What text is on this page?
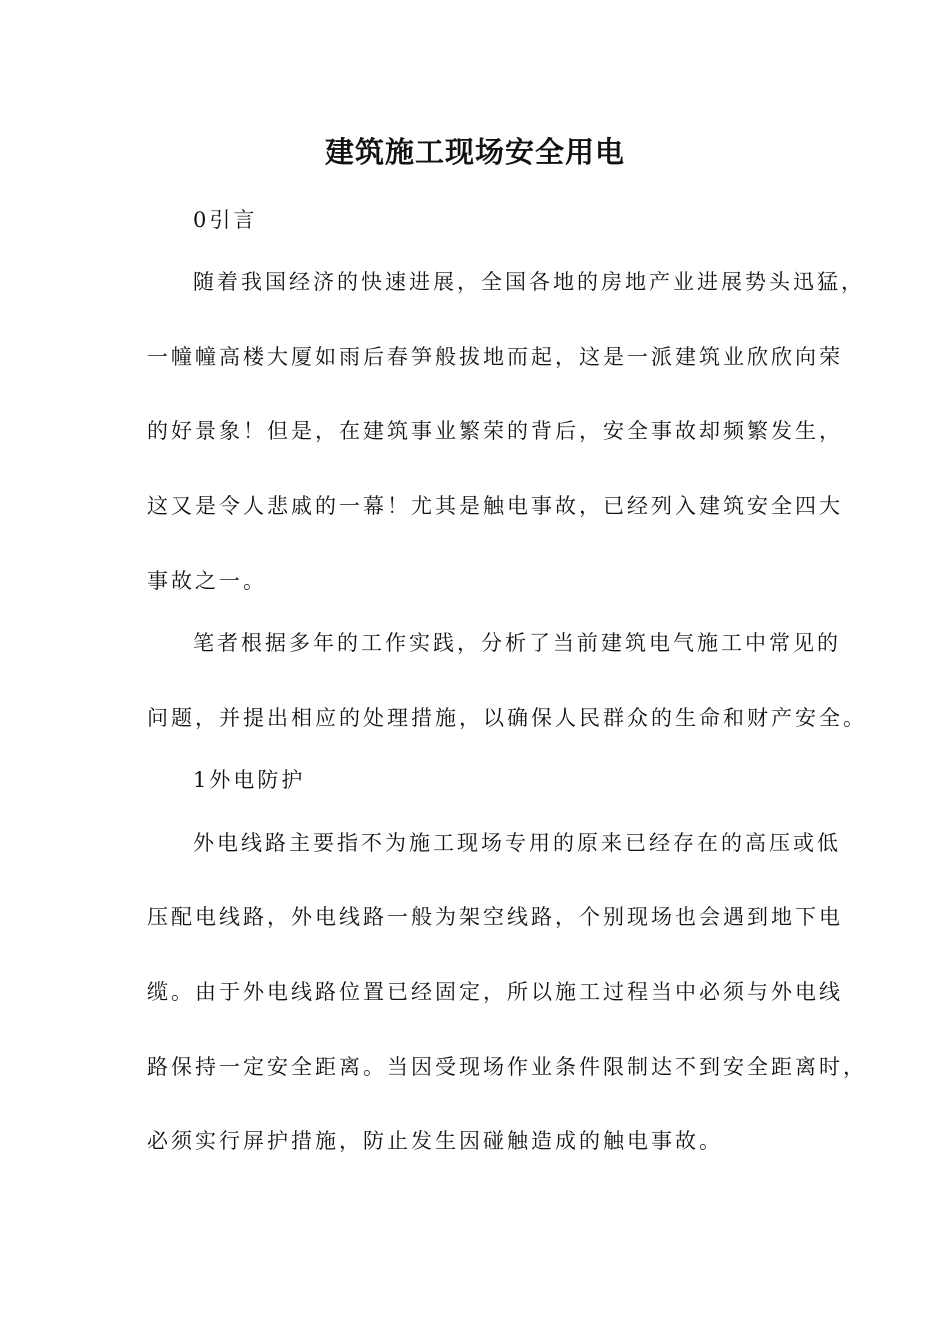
建筑施工现场安全用电
0引言
随着我国经济的快速进展，全国各地的房地产业进展势头迅猛，
一幢幢高楼大厦如雨后春笋般拔地而起，这是一派建筑业欣欣向荣
的好景象！但是，在建筑事业繁荣的背后，安全事故却频繁发生，
这又是令人悲戚的一幕！尤其是触电事故，已经列入建筑安全四大
事故之一。
笔者根据多年的工作实践，分析了当前建筑电气施工中常见的
问题，并提出相应的处理措施，以确保人民群众的生命和财产安全。
1外电防护
外电线路主要指不为施工现场专用的原来已经存在的高压或低
压配电线路，外电线路一般为架空线路，个别现场也会遇到地下电
缆。由于外电线路位置已经固定，所以施工过程当中必须与外电线
路保持一定安全距离。当因受现场作业条件限制达不到安全距离时，
必须实行屏护措施，防止发生因碰触造成的触电事故。
